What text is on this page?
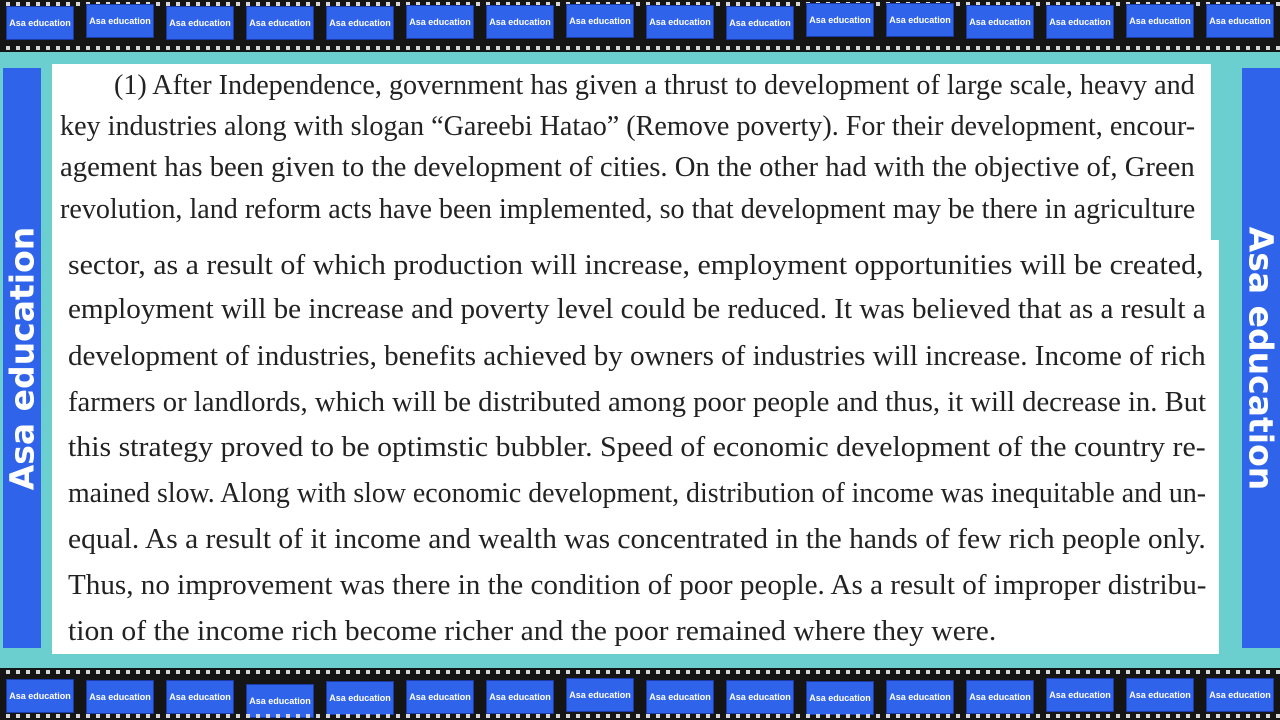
Asa education	Asa education	Asa education	Asa education	Asa education	Asa education	Asa education	Asa education	Asa education	Asa education	Asa education	Asa education	Asa education	Asa education	Asa education	Asa education
Asa education	Asa education
(1) After Independence, government has given a thrust to development of large scale, heavy and
key industries along with slogan “Gareebi Hatao” (Remove poverty). For their development, encour-
agement has been given to the development of cities. On the other had with the objective of, Green
revolution, land reform acts have been implemented, so that development may be there in agriculture
sector, as a result of which production will increase, employment opportunities will be created,
employment will be increase and poverty level could be reduced. It was believed that as a result a
development of industries, benefits achieved by owners of industries will increase. Income of rich
farmers or landlords, which will be distributed among poor people and thus, it will decrease in. But
this strategy proved to be optimstic bubbler. Speed of economic development of the country re-
mained slow. Along with slow economic development, distribution of income was inequitable and un-
equal. As a result of it income and wealth was concentrated in the hands of few rich people only.
Thus, no improvement was there in the condition of poor people. As a result of improper distribu-
tion of the income rich become richer and the poor remained where they were.
Asa education	Asa education	Asa education	Asa education	Asa education	Asa education	Asa education	Asa education	Asa education	Asa education	Asa education	Asa education	Asa education	Asa education	Asa education	Asa education
